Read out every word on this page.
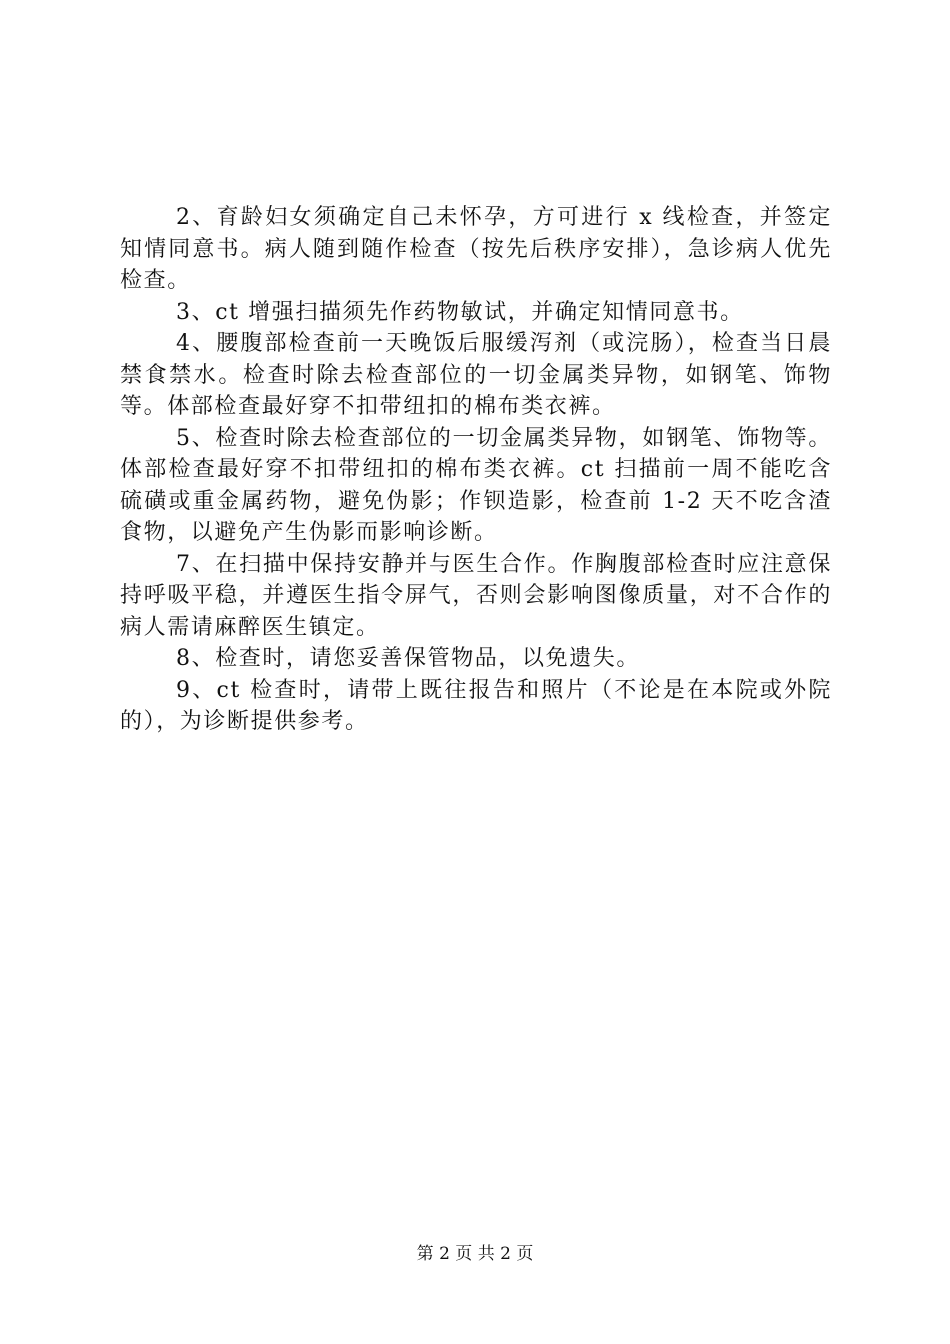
2、育龄妇女须确定自己未怀孕，方可进行 x 线检查，并签定知情同意书。病人随到随作检查（按先后秩序安排），急诊病人优先检查。

3、ct 增强扫描须先作药物敏试，并确定知情同意书。

4、腰腹部检查前一天晚饭后服缓泻剂（或浣肠），检查当日晨禁食禁水。检查时除去检查部位的一切金属类异物，如钢笔、饰物等。体部检查最好穿不扣带纽扣的棉布类衣裤。

5、检查时除去检查部位的一切金属类异物，如钢笔、饰物等。体部检查最好穿不扣带纽扣的棉布类衣裤。ct 扫描前一周不能吃含硫磺或重金属药物，避免伪影；作钡造影，检查前 1-2 天不吃含渣食物，以避免产生伪影而影响诊断。

7、在扫描中保持安静并与医生合作。作胸腹部检查时应注意保持呼吸平稳，并遵医生指令屏气，否则会影响图像质量，对不合作的病人需请麻醉医生镇定。

8、检查时，请您妥善保管物品，以免遗失。

9、ct 检查时，请带上既往报告和照片（不论是在本院或外院的），为诊断提供参考。

第 2 页 共 2 页
